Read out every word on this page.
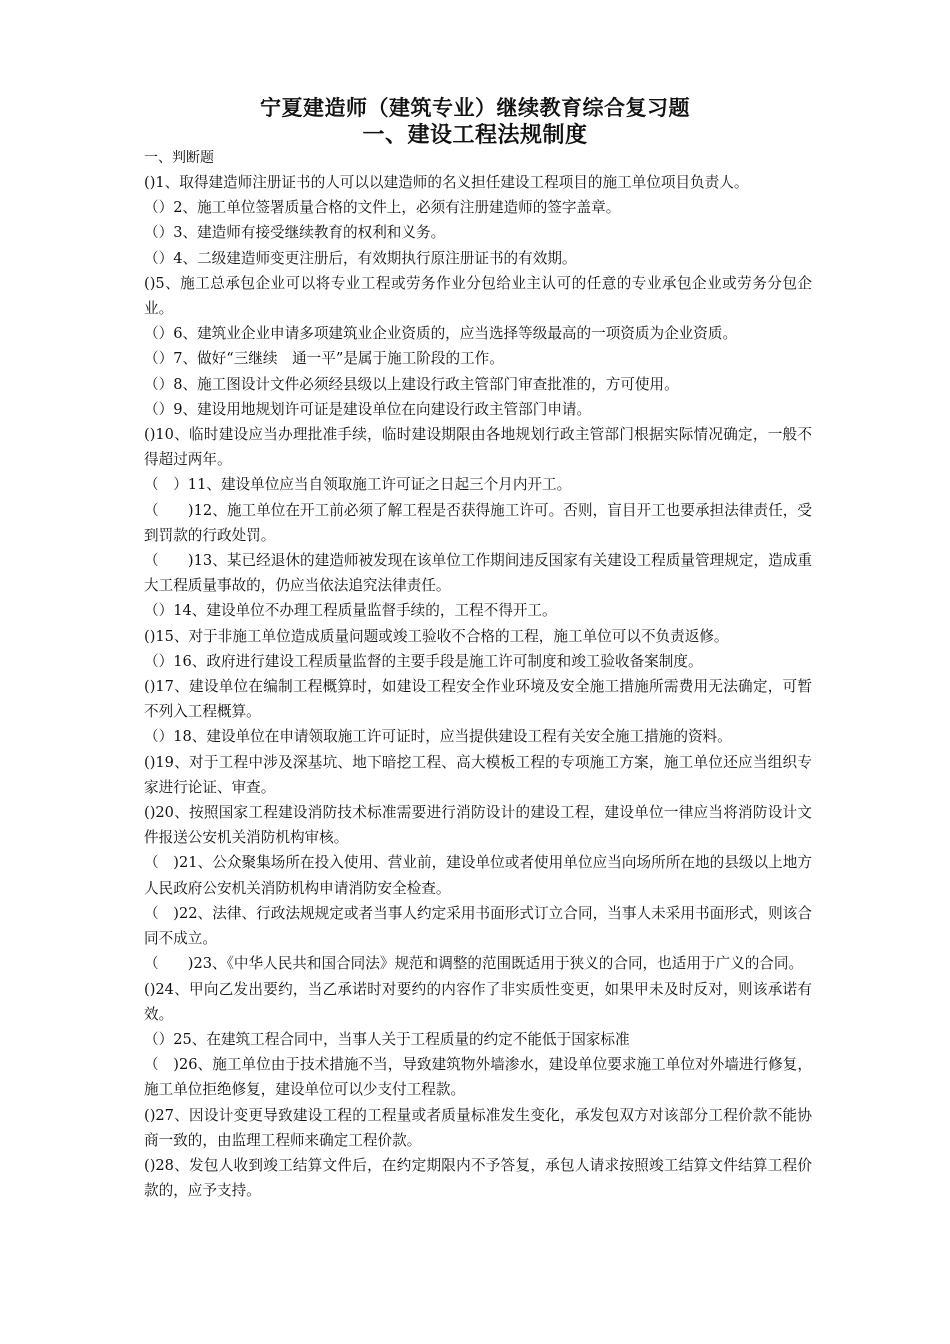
宁夏建造师（建筑专业）继续教育综合复习题
一、建设工程法规制度
一、判断题
()1、取得建造师注册证书的人可以以建造师的名义担任建设工程项目的施工单位项目负责人。
（）2、施工单位签署质量合格的文件上，必须有注册建造师的签字盖章。
（）3、建造师有接受继续教育的权利和义务。
（）4、二级建造师变更注册后，有效期执行原注册证书的有效期。
()5、施工总承包企业可以将专业工程或劳务作业分包给业主认可的任意的专业承包企业或劳务分包企业。
（）6、建筑业企业申请多项建筑业企业资质的，应当选择等级最高的一项资质为企业资质。
（）7、做好“三继续　通一平”是属于施工阶段的工作。
（）8、施工图设计文件必须经县级以上建设行政主管部门审查批准的，方可使用。
（）9、建设用地规划许可证是建设单位在向建设行政主管部门申请。
()10、临时建设应当办理批准手续，临时建设期限由各地规划行政主管部门根据实际情况确定，一般不得超过两年。
（　）11、建设单位应当自领取施工许可证之日起三个月内开工。
（　　)12、施工单位在开工前必须了解工程是否获得施工许可。否则，盲目开工也要承担法律责任，受到罚款的行政处罚。
（　　)13、某已经退休的建造师被发现在该单位工作期间违反国家有关建设工程质量管理规定，造成重大工程质量事故的，仍应当依法追究法律责任。
（）14、建设单位不办理工程质量监督手续的，工程不得开工。
()15、对于非施工单位造成质量问题或竣工验收不合格的工程，施工单位可以不负责返修。
（）16、政府进行建设工程质量监督的主要手段是施工许可制度和竣工验收备案制度。
()17、建设单位在编制工程概算时，如建设工程安全作业环境及安全施工措施所需费用无法确定，可暂不列入工程概算。
（）18、建设单位在申请领取施工许可证时，应当提供建设工程有关安全施工措施的资料。
()19、对于工程中涉及深基坑、地下暗挖工程、高大模板工程的专项施工方案，施工单位还应当组织专家进行论证、审查。
()20、按照国家工程建设消防技术标准需要进行消防设计的建设工程，建设单位一律应当将消防设计文件报送公安机关消防机构审核。
（　)21、公众聚集场所在投入使用、营业前，建设单位或者使用单位应当向场所所在地的县级以上地方人民政府公安机关消防机构申请消防安全检查。
（　)22、法律、行政法规规定或者当事人约定采用书面形式订立合同，当事人未采用书面形式，则该合同不成立。
（　　)23、《中华人民共和国合同法》规范和调整的范围既适用于狭义的合同，也适用于广义的合同。
()24、甲向乙发出要约，当乙承诺时对要约的内容作了非实质性变更，如果甲未及时反对，则该承诺有效。
（）25、在建筑工程合同中，当事人关于工程质量的约定不能低于国家标准
（　)26、施工单位由于技术措施不当，导致建筑物外墙渗水，建设单位要求施工单位对外墙进行修复，施工单位拒绝修复，建设单位可以少支付工程款。
()27、因设计变更导致建设工程的工程量或者质量标准发生变化，承发包双方对该部分工程价款不能协商一致的，由监理工程师来确定工程价款。
()28、发包人收到竣工结算文件后，在约定期限内不予答复，承包人请求按照竣工结算文件结算工程价款的，应予支持。
